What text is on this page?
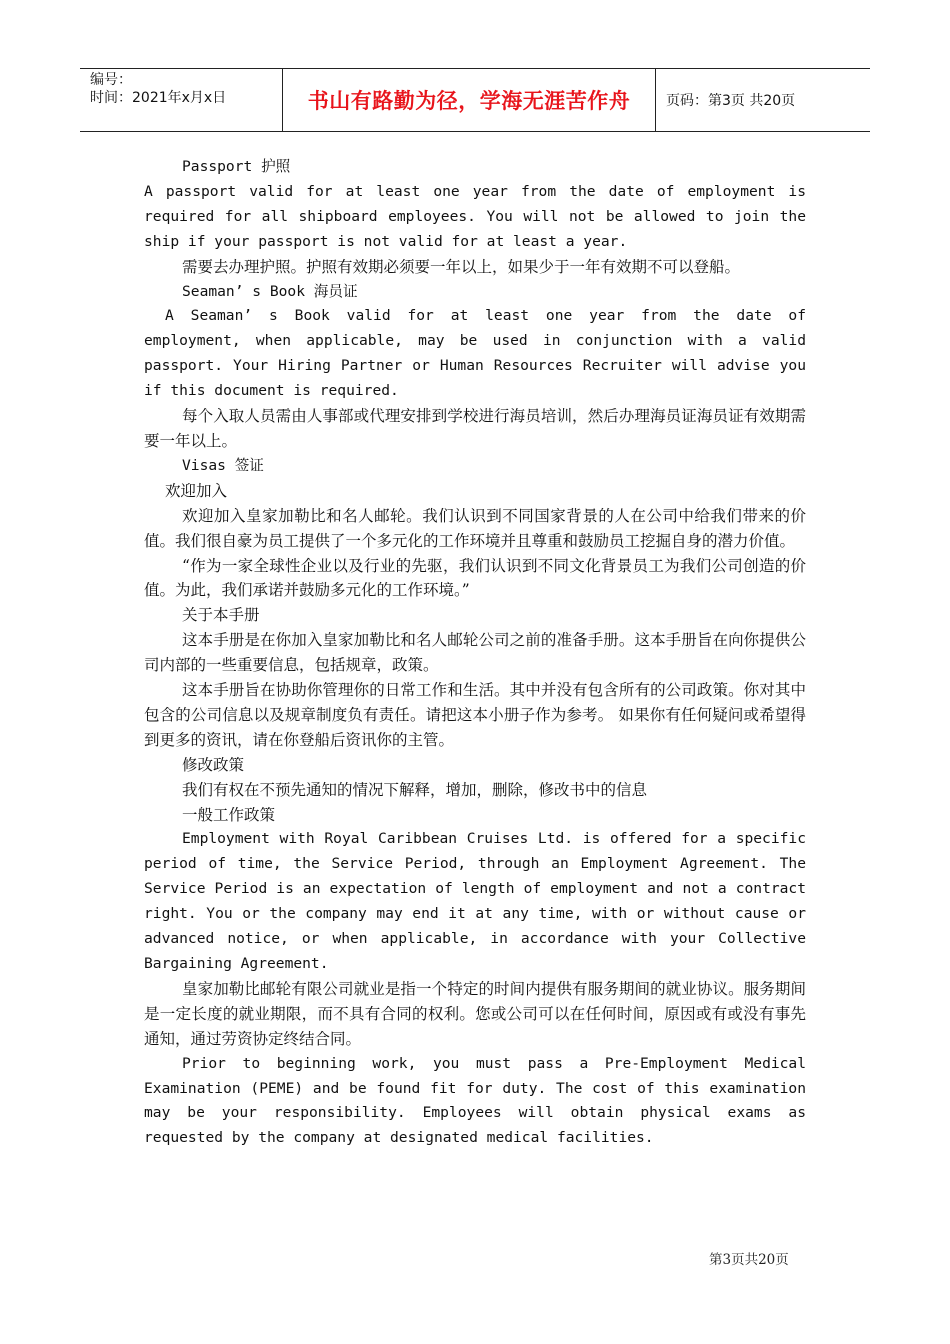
编号：
时间：2021年x月x日	书山有路勤为径，学海无涯苦作舟	页码：第3页 共20页

Passport 护照

A passport valid for at least one year from the date of employment is required for all shipboard employees. You will not be allowed to join the ship if your passport is not valid for at least a year.

需要去办理护照。护照有效期必须要一年以上，如果少于一年有效期不可以登船。

Seaman’ s Book 海员证

A Seaman’ s Book valid for at least one year from the date of employment, when applicable, may be used in conjunction with a valid passport. Your Hiring Partner or Human Resources Recruiter will advise you if this document is required.

每个入取人员需由人事部或代理安排到学校进行海员培训，然后办理海员证海员证有效期需要一年以上。

Visas 签证

欢迎加入

欢迎加入皇家加勒比和名人邮轮。我们认识到不同国家背景的人在公司中给我们带来的价值。我们很自豪为员工提供了一个多元化的工作环境并且尊重和鼓励员工挖掘自身的潜力价值。

“作为一家全球性企业以及行业的先驱，我们认识到不同文化背景员工为我们公司创造的价值。为此，我们承诺并鼓励多元化的工作环境。”

关于本手册

这本手册是在你加入皇家加勒比和名人邮轮公司之前的准备手册。这本手册旨在向你提供公司内部的一些重要信息，包括规章，政策。

这本手册旨在协助你管理你的日常工作和生活。其中并没有包含所有的公司政策。你对其中包含的公司信息以及规章制度负有责任。请把这本小册子作为参考。 如果你有任何疑问或希望得到更多的资讯，请在你登船后资讯你的主管。

修改政策

我们有权在不预先通知的情况下解释，增加，删除，修改书中的信息

一般工作政策

Employment with Royal Caribbean Cruises Ltd. is offered for a specific period of time, the Service Period, through an Employment Agreement. The Service Period is an expectation of length of employment and not a contract right. You or the company may end it at any time, with or without cause or advanced notice, or when applicable, in accordance with your Collective Bargaining Agreement.

皇家加勒比邮轮有限公司就业是指一个特定的时间内提供有服务期间的就业协议。服务期间是一定长度的就业期限，而不具有合同的权利。您或公司可以在任何时间，原因或有或没有事先通知，通过劳资协定终结合同。

Prior to beginning work, you must pass a Pre-Employment Medical Examination (PEME) and be found fit for duty. The cost of this examination may be your responsibility. Employees will obtain physical exams as requested by the company at designated medical facilities.

第3页共20页
